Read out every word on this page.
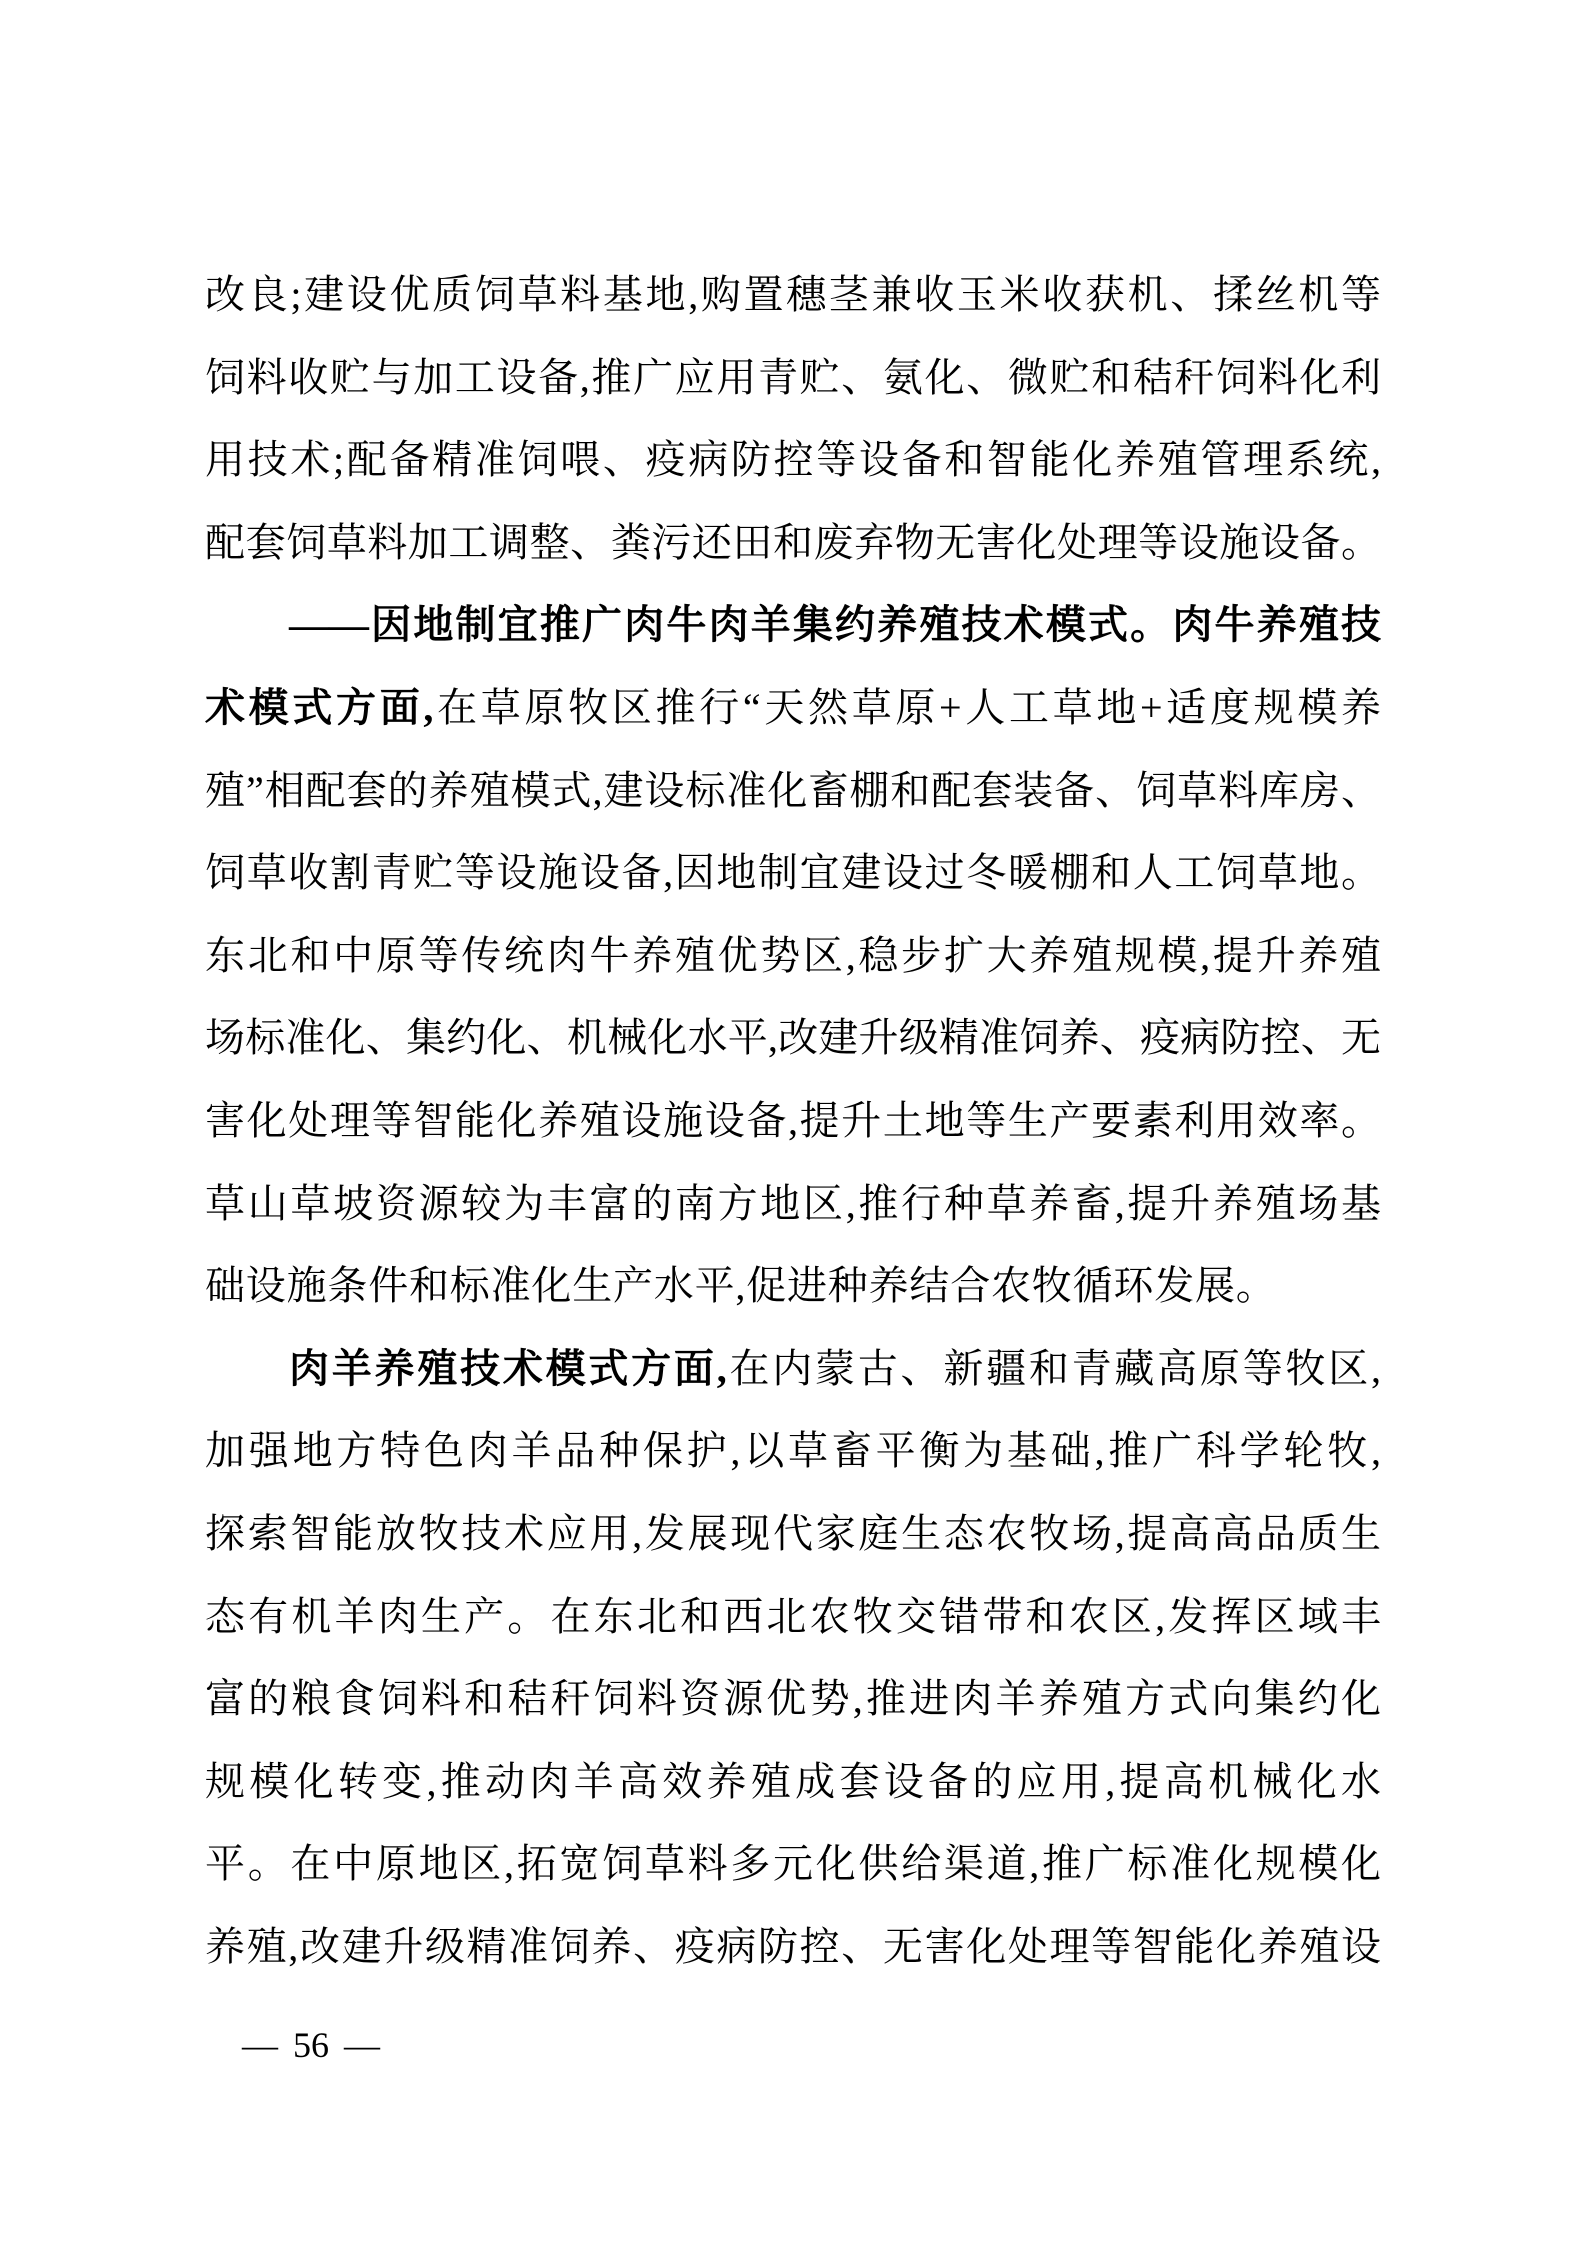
改良;建设优质饲草料基地,购置穗茎兼收玉米收获机、揉丝机等
饲料收贮与加工设备,推广应用青贮、氨化、微贮和秸秆饲料化利
用技术;配备精准饲喂、疫病防控等设备和智能化养殖管理系统,
配套饲草料加工调整、粪污还田和废弃物无害化处理等设施设备。
——因地制宜推广肉牛肉羊集约养殖技术模式。肉牛养殖技
术模式方面,在草原牧区推行“天然草原+人工草地+适度规模养
殖”相配套的养殖模式,建设标准化畜棚和配套装备、饲草料库房、
饲草收割青贮等设施设备,因地制宜建设过冬暖棚和人工饲草地。
东北和中原等传统肉牛养殖优势区,稳步扩大养殖规模,提升养殖
场标准化、集约化、机械化水平,改建升级精准饲养、疫病防控、无
害化处理等智能化养殖设施设备,提升土地等生产要素利用效率。
草山草坡资源较为丰富的南方地区,推行种草养畜,提升养殖场基
础设施条件和标准化生产水平,促进种养结合农牧循环发展。
肉羊养殖技术模式方面,在内蒙古、新疆和青藏高原等牧区,
加强地方特色肉羊品种保护,以草畜平衡为基础,推广科学轮牧,
探索智能放牧技术应用,发展现代家庭生态农牧场,提高高品质生
态有机羊肉生产。在东北和西北农牧交错带和农区,发挥区域丰
富的粮食饲料和秸秆饲料资源优势,推进肉羊养殖方式向集约化
规模化转变,推动肉羊高效养殖成套设备的应用,提高机械化水
平。在中原地区,拓宽饲草料多元化供给渠道,推广标准化规模化
养殖,改建升级精准饲养、疫病防控、无害化处理等智能化养殖设
— 56 —
